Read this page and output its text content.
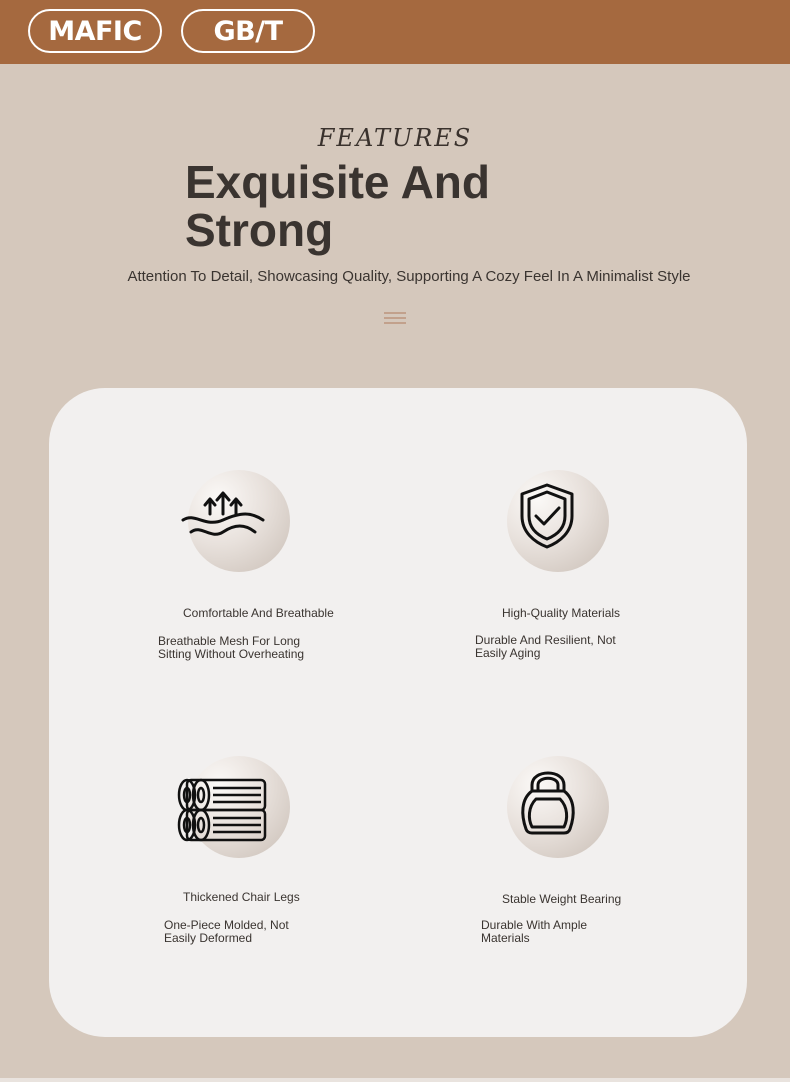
MAFIC	GB/T
FEATURES
Exquisite And
Strong
Attention To Detail, Showcasing Quality, Supporting A Cozy Feel In A Minimalist Style
Comfortable And Breathable
Breathable Mesh For Long
Sitting Without Overheating
High-Quality Materials
Durable And Resilient, Not
Easily Aging
Thickened Chair Legs
One-Piece Molded, Not
Easily Deformed
Stable Weight Bearing
Durable With Ample
Materials
